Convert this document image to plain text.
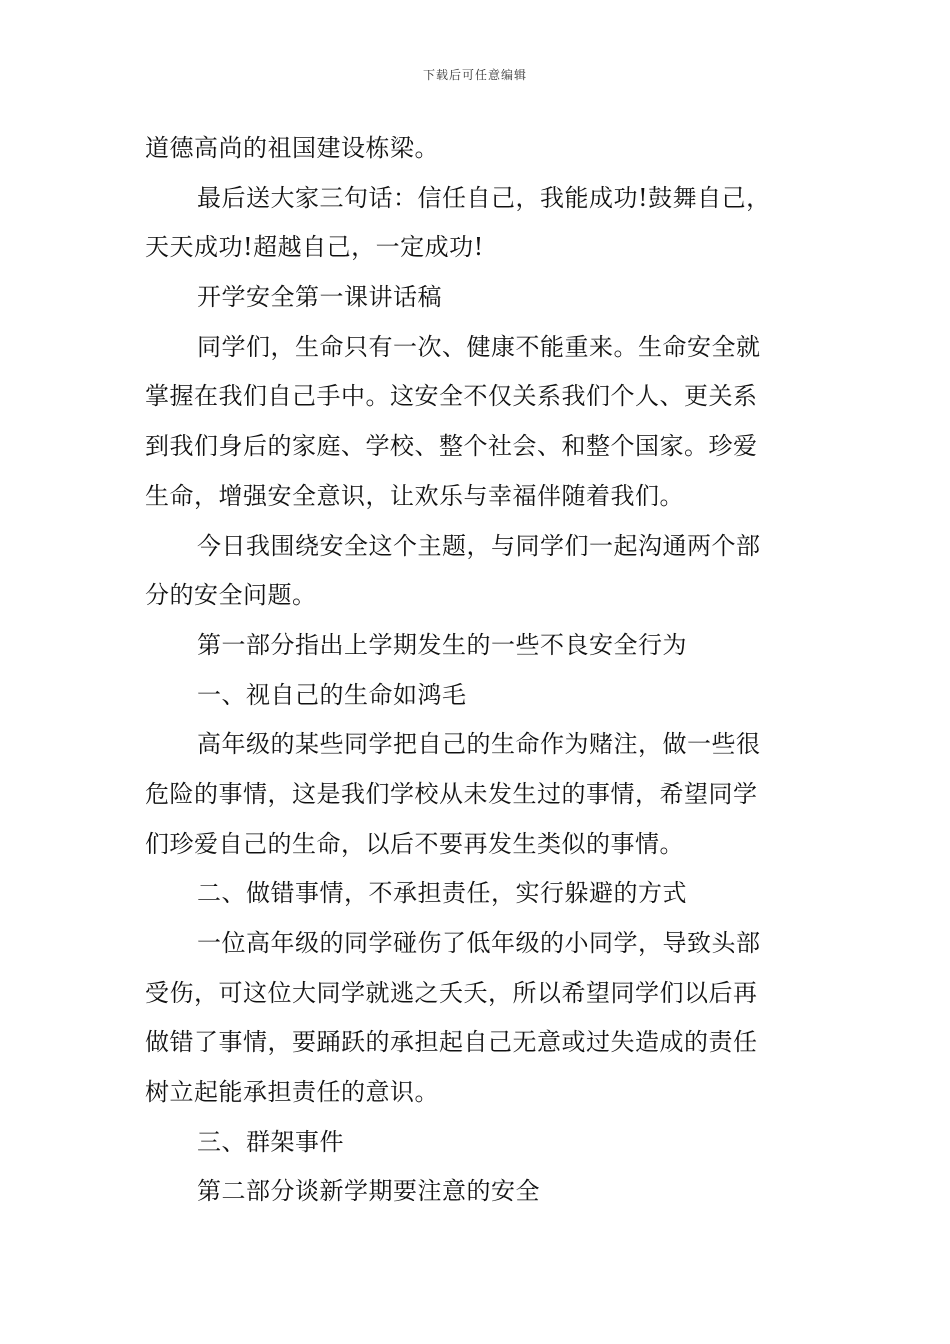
下载后可任意编辑
道德高尚的祖国建设栋梁。
最后送大家三句话：信任自己，我能成功!鼓舞自己，
天天成功!超越自己，一定成功!
开学安全第一课讲话稿
同学们，生命只有一次、健康不能重来。生命安全就
掌握在我们自己手中。这安全不仅关系我们个人、更关系
到我们身后的家庭、学校、整个社会、和整个国家。珍爱
生命，增强安全意识，让欢乐与幸福伴随着我们。
今日我围绕安全这个主题，与同学们一起沟通两个部
分的安全问题。
第一部分指出上学期发生的一些不良安全行为
一、视自己的生命如鸿毛
高年级的某些同学把自己的生命作为赌注，做一些很
危险的事情，这是我们学校从未发生过的事情，希望同学
们珍爱自己的生命，以后不要再发生类似的事情。
二、做错事情，不承担责任，实行躲避的方式
一位高年级的同学碰伤了低年级的小同学，导致头部
受伤，可这位大同学就逃之夭夭，所以希望同学们以后再
做错了事情，要踊跃的承担起自己无意或过失造成的责任
树立起能承担责任的意识。
三、群架事件
第二部分谈新学期要注意的安全
